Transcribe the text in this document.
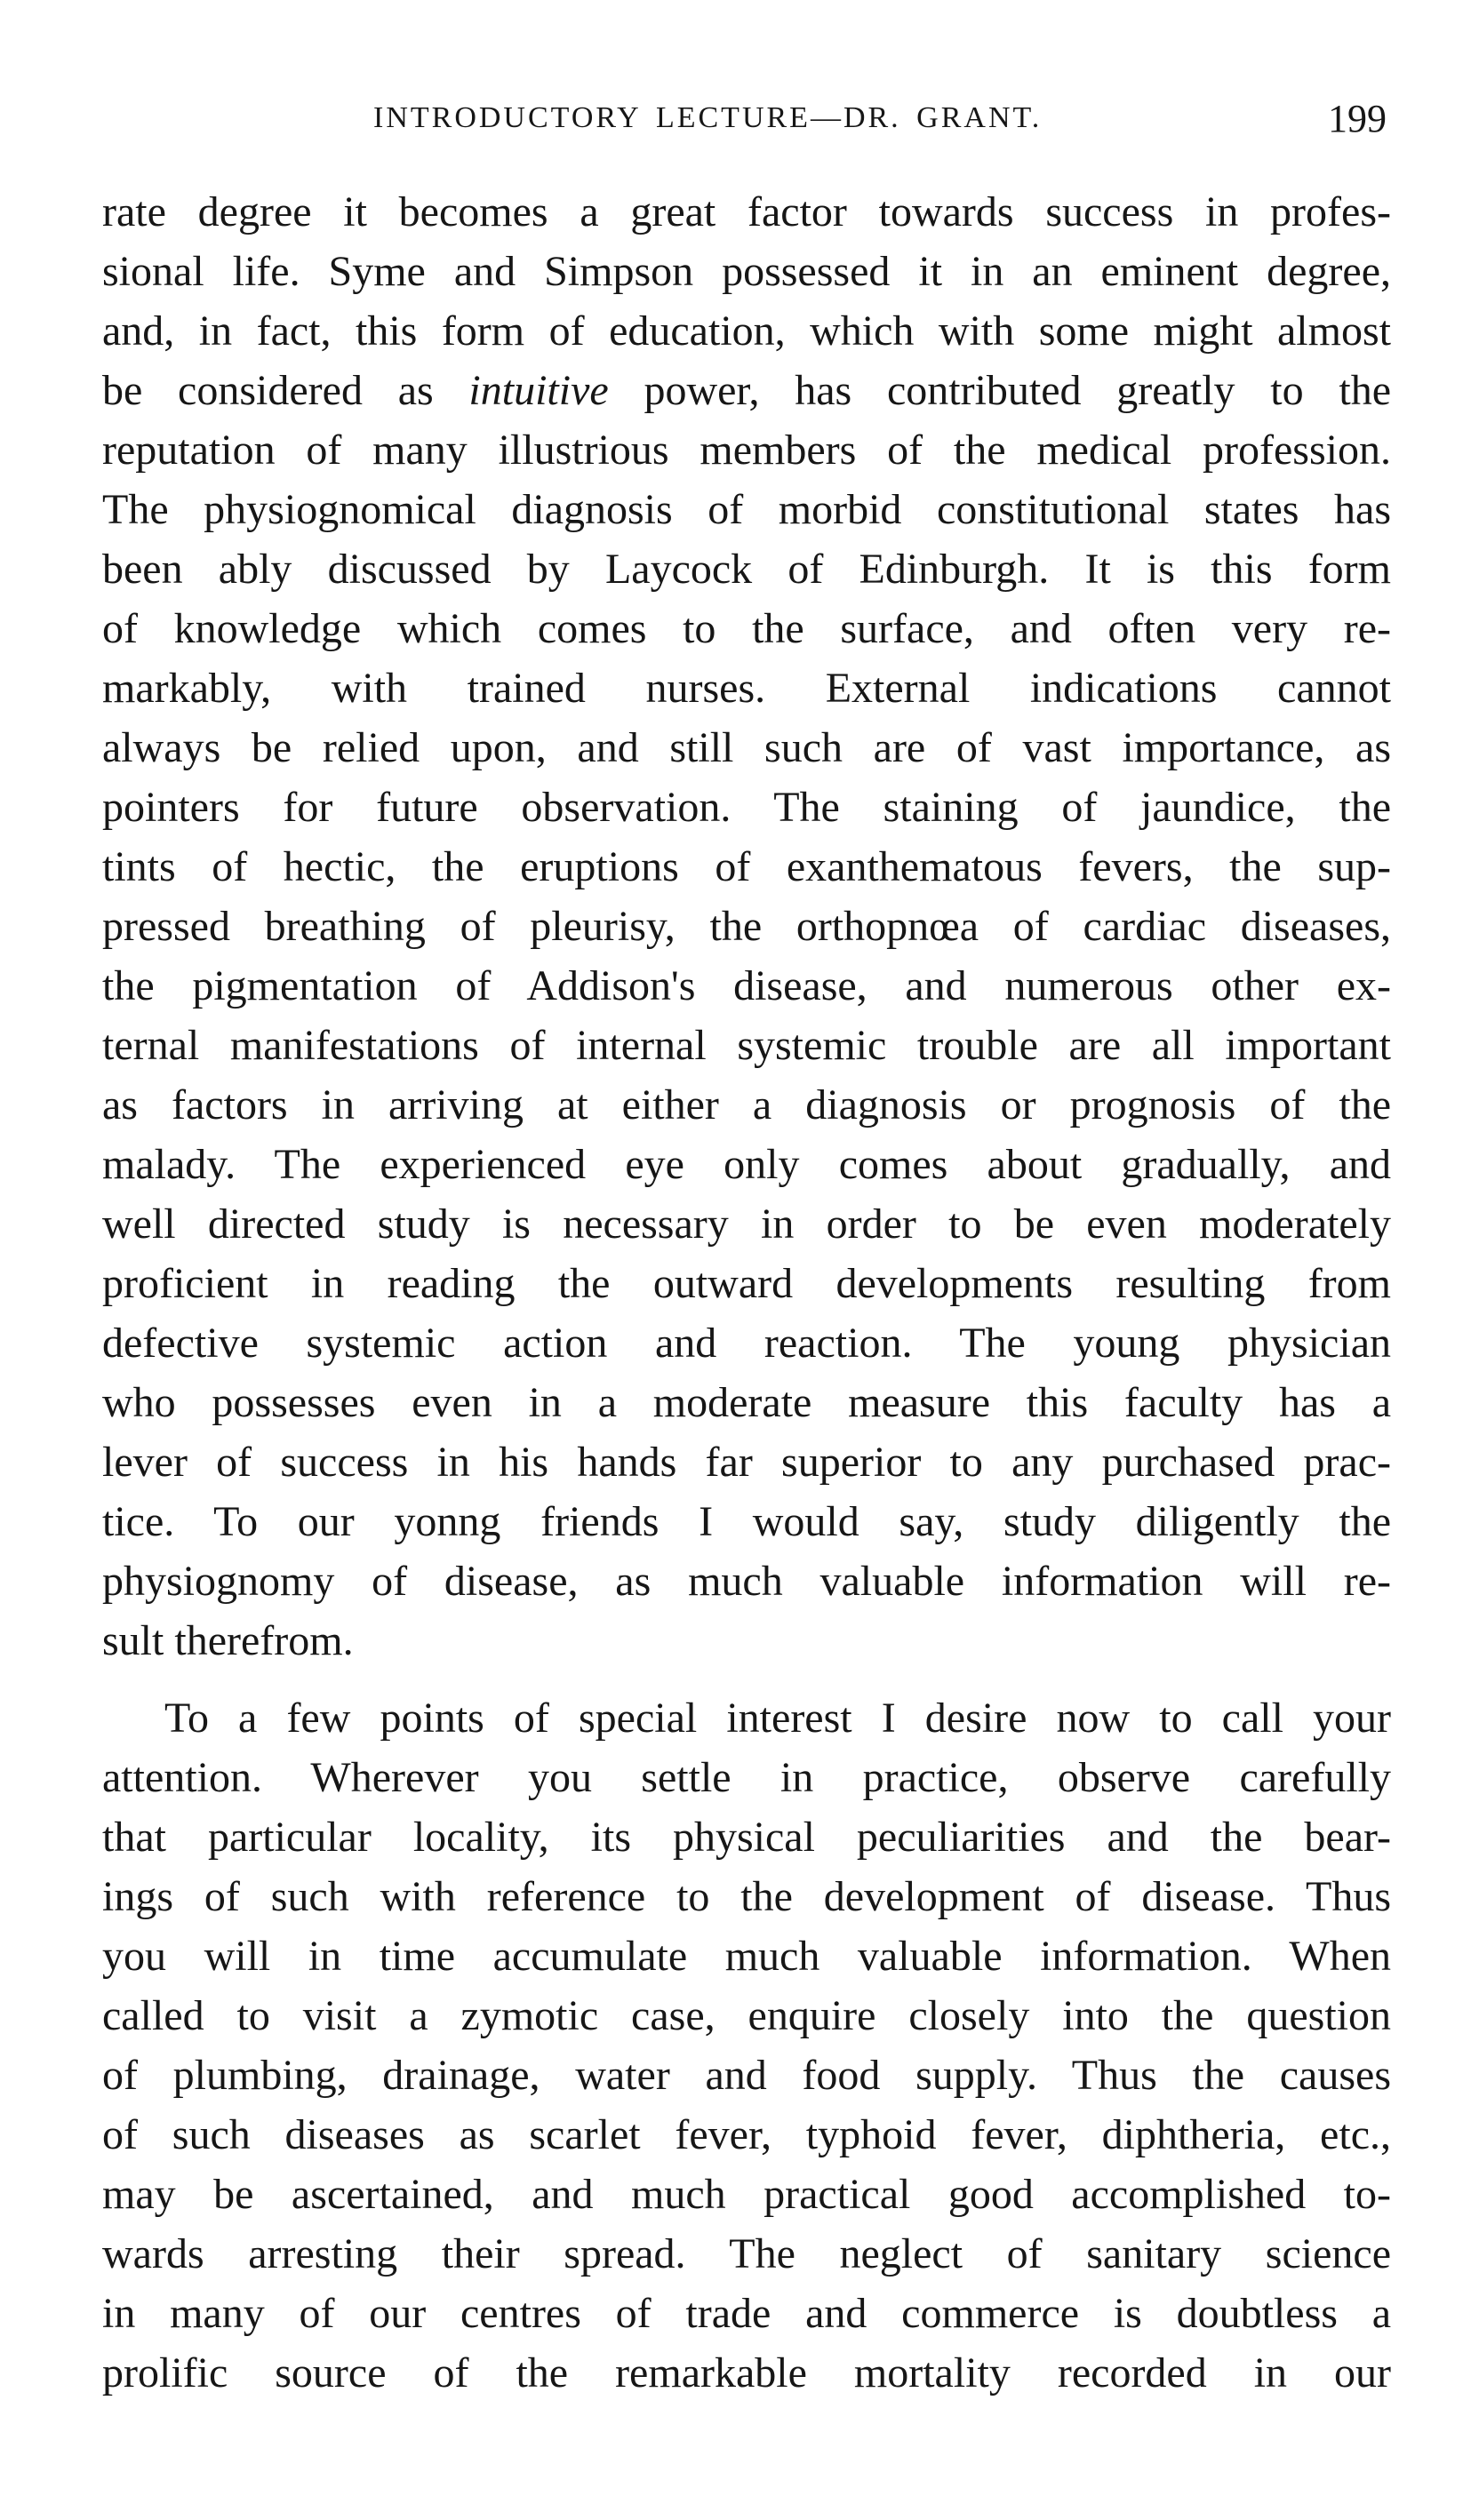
INTRODUCTORY LECTURE—DR. GRANT.	199
rate degree it becomes a great factor towards success in profes-
sional life. Syme and Simpson possessed it in an eminent degree,
and, in fact, this form of education, which with some might almost
be considered as intuitive power, has contributed greatly to the
reputation of many illustrious members of the medical profession.
The physiognomical diagnosis of morbid constitutional states has
been ably discussed by Laycock of Edinburgh. It is this form
of knowledge which comes to the surface, and often very re-
markably, with trained nurses. External indications cannot
always be relied upon, and still such are of vast importance, as
pointers for future observation. The staining of jaundice, the
tints of hectic, the eruptions of exanthematous fevers, the sup-
pressed breathing of pleurisy, the orthopnœa of cardiac diseases,
the pigmentation of Addison's disease, and numerous other ex-
ternal manifestations of internal systemic trouble are all important
as factors in arriving at either a diagnosis or prognosis of the
malady. The experienced eye only comes about gradually, and
well directed study is necessary in order to be even moderately
proficient in reading the outward developments resulting from
defective systemic action and reaction. The young physician
who possesses even in a moderate measure this faculty has a
lever of success in his hands far superior to any purchased prac-
tice. To our yonng friends I would say, study diligently the
physiognomy of disease, as much valuable information will re-
sult therefrom.
To a few points of special interest I desire now to call your
attention. Wherever you settle in practice, observe carefully
that particular locality, its physical peculiarities and the bear-
ings of such with reference to the development of disease. Thus
you will in time accumulate much valuable information. When
called to visit a zymotic case, enquire closely into the question
of plumbing, drainage, water and food supply. Thus the causes
of such diseases as scarlet fever, typhoid fever, diphtheria, etc.,
may be ascertained, and much practical good accomplished to-
wards arresting their spread. The neglect of sanitary science
in many of our centres of trade and commerce is doubtless a
prolific source of the remarkable mortality recorded in our
